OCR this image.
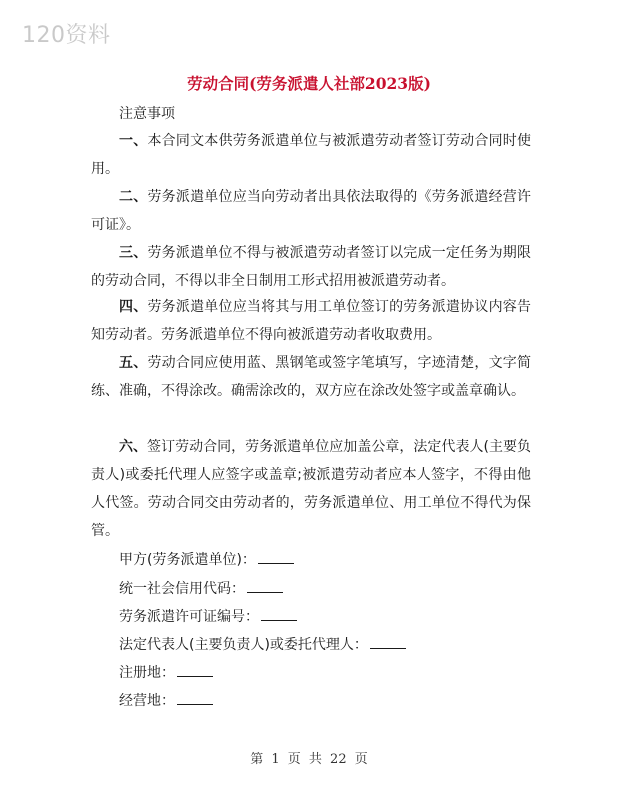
120资料
劳动合同(劳务派遣人社部2023版)
注意事项
一、本合同文本供劳务派遣单位与被派遣劳动者签订劳动合同时使用。
二、劳务派遣单位应当向劳动者出具依法取得的《劳务派遣经营许可证》。
三、劳务派遣单位不得与被派遣劳动者签订以完成一定任务为期限的劳动合同，不得以非全日制用工形式招用被派遣劳动者。
四、劳务派遣单位应当将其与用工单位签订的劳务派遣协议内容告知劳动者。劳务派遣单位不得向被派遣劳动者收取费用。
五、劳动合同应使用蓝、黑钢笔或签字笔填写，字迹清楚，文字简练、准确，不得涂改。确需涂改的，双方应在涂改处签字或盖章确认。
六、签订劳动合同，劳务派遣单位应加盖公章，法定代表人(主要负责人)或委托代理人应签字或盖章;被派遣劳动者应本人签字，不得由他人代签。劳动合同交由劳动者的，劳务派遣单位、用工单位不得代为保管。
甲方(劳务派遣单位)：
统一社会信用代码：
劳务派遣许可证编号：
法定代表人(主要负责人)或委托代理人：
注册地：
经营地：
第 1 页 共 22 页
